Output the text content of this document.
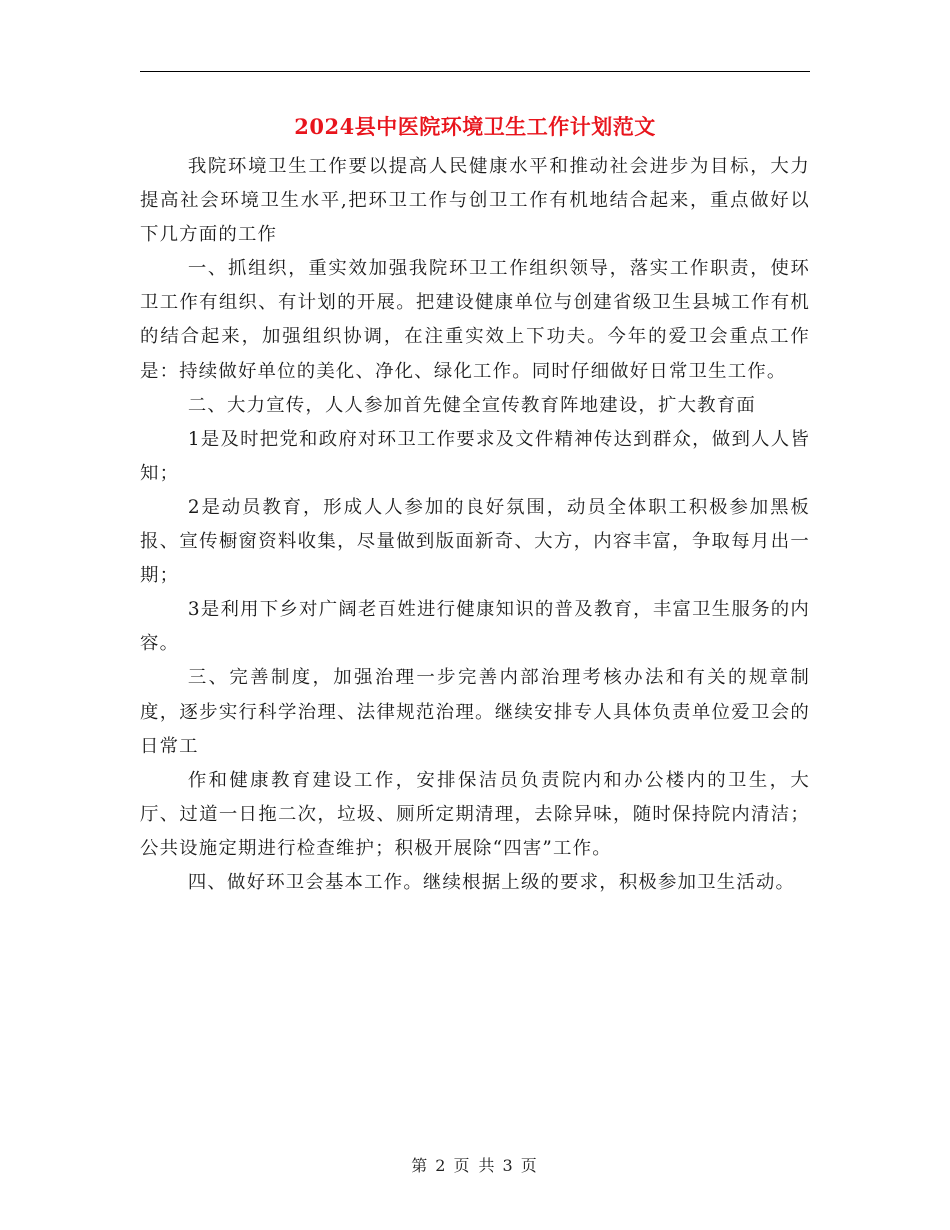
2024县中医院环境卫生工作计划范文

我院环境卫生工作要以提高人民健康水平和推动社会进步为目标，大力提高社会环境卫生水平,把环卫工作与创卫工作有机地结合起来，重点做好以下几方面的工作

一、抓组织，重实效加强我院环卫工作组织领导，落实工作职责，使环卫工作有组织、有计划的开展。把建设健康单位与创建省级卫生县城工作有机的结合起来，加强组织协调，在注重实效上下功夫。今年的爱卫会重点工作是：持续做好单位的美化、净化、绿化工作。同时仔细做好日常卫生工作。

二、大力宣传，人人参加首先健全宣传教育阵地建设，扩大教育面

1是及时把党和政府对环卫工作要求及文件精神传达到群众，做到人人皆知；

2是动员教育，形成人人参加的良好氛围，动员全体职工积极参加黑板报、宣传橱窗资料收集，尽量做到版面新奇、大方，内容丰富，争取每月出一期；

3是利用下乡对广阔老百姓进行健康知识的普及教育，丰富卫生服务的内容。

三、完善制度，加强治理一步完善内部治理考核办法和有关的规章制度，逐步实行科学治理、法律规范治理。继续安排专人具体负责单位爱卫会的日常工

作和健康教育建设工作，安排保洁员负责院内和办公楼内的卫生，大厅、过道一日拖二次，垃圾、厕所定期清理，去除异味，随时保持院内清洁；公共设施定期进行检查维护；积极开展除“四害”工作。

四、做好环卫会基本工作。继续根据上级的要求，积极参加卫生活动。

第 2 页 共 3 页
